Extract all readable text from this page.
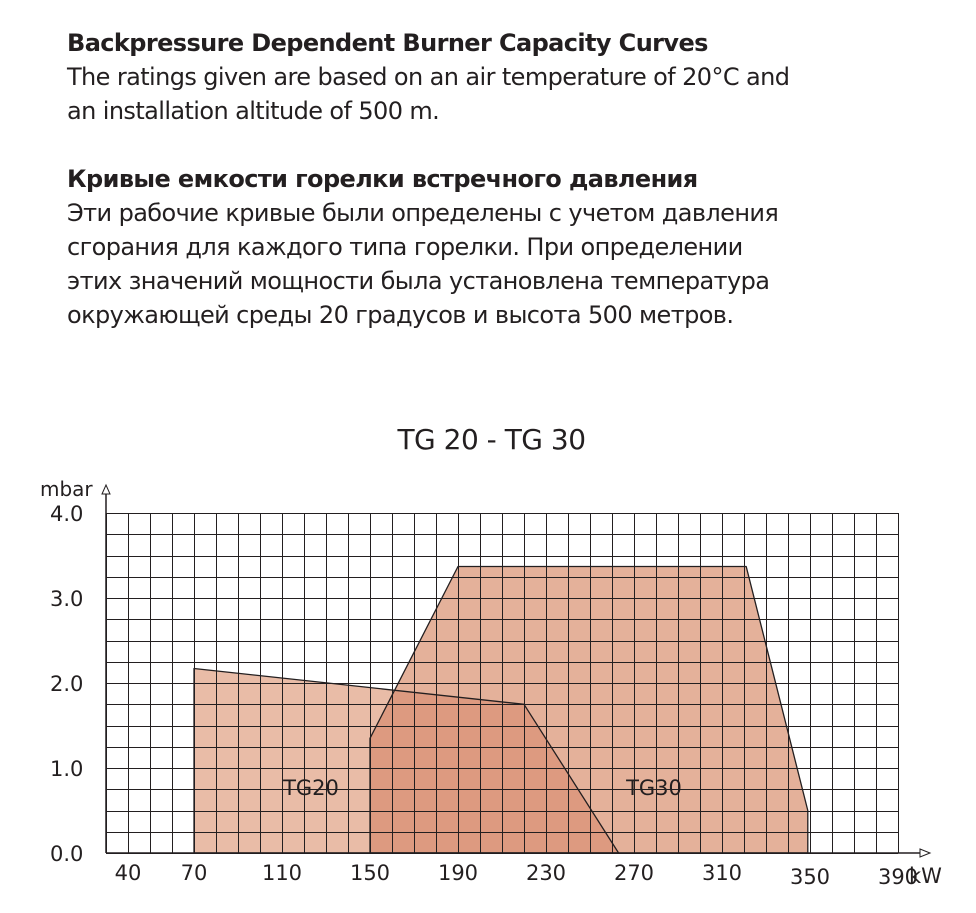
Backpressure Dependent Burner Capacity Curves

The ratings given are based on an air temperature of 20°C and

an installation altitude of 500 m.

Кривые емкости горелки встречного давления

Эти рабочие кривые были определены с учетом давления

сгорания для каждого типа горелки. При определении

этих значений мощности была установлена температура

окружающей среды 20 градусов и высота 500 метров.

TG 20 - TG 30
mbar
kW
0.0
1.0
2.0
3.0
4.0
40 70	110 150 190 230 270 310 350 390
TG20	TG30
